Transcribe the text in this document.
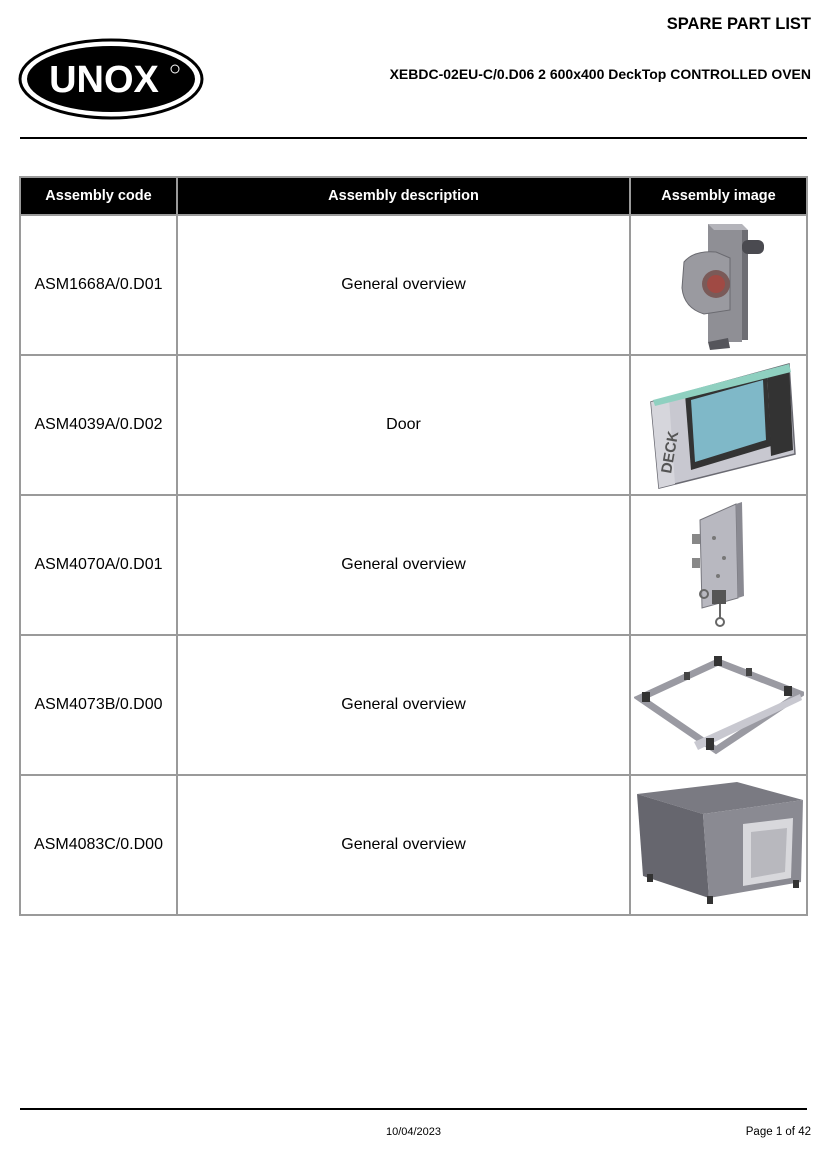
SPARE PART LIST
XEBDC-02EU-C/0.D06 2 600x400 DeckTop CONTROLLED OVEN
UNOX
Assembly code	Assembly description	Assembly image
ASM1668A/0.D01	General overview	

ASM4039A/0.D02	Door	DECK

ASM4070A/0.D01	General overview	

ASM4073B/0.D00	General overview	

ASM4083C/0.D00	General overview	
10/04/2023	Page 1 of 42
